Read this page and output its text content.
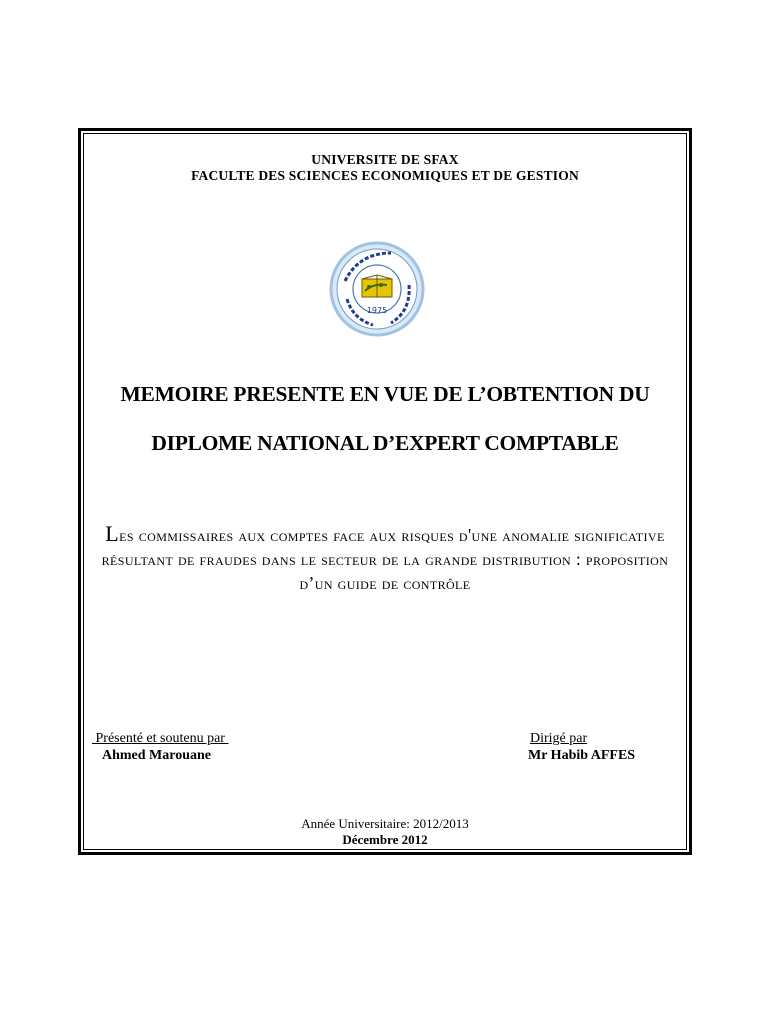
UNIVERSITE DE SFAX
FACULTE DES SCIENCES ECONOMIQUES ET DE GESTION
1975
MEMOIRE PRESENTE EN VUE DE L’OBTENTION DU
DIPLOME NATIONAL D’EXPERT COMPTABLE
Les commissaires aux comptes face aux risques d'une anomalie significative résultant de fraudes dans le secteur de la grande distribution : proposition d’un guide de contrôle
Présenté et soutenu par
Ahmed Marouane
Dirigé par
Mr Habib AFFES
Année Universitaire: 2012/2013
Décembre 2012
